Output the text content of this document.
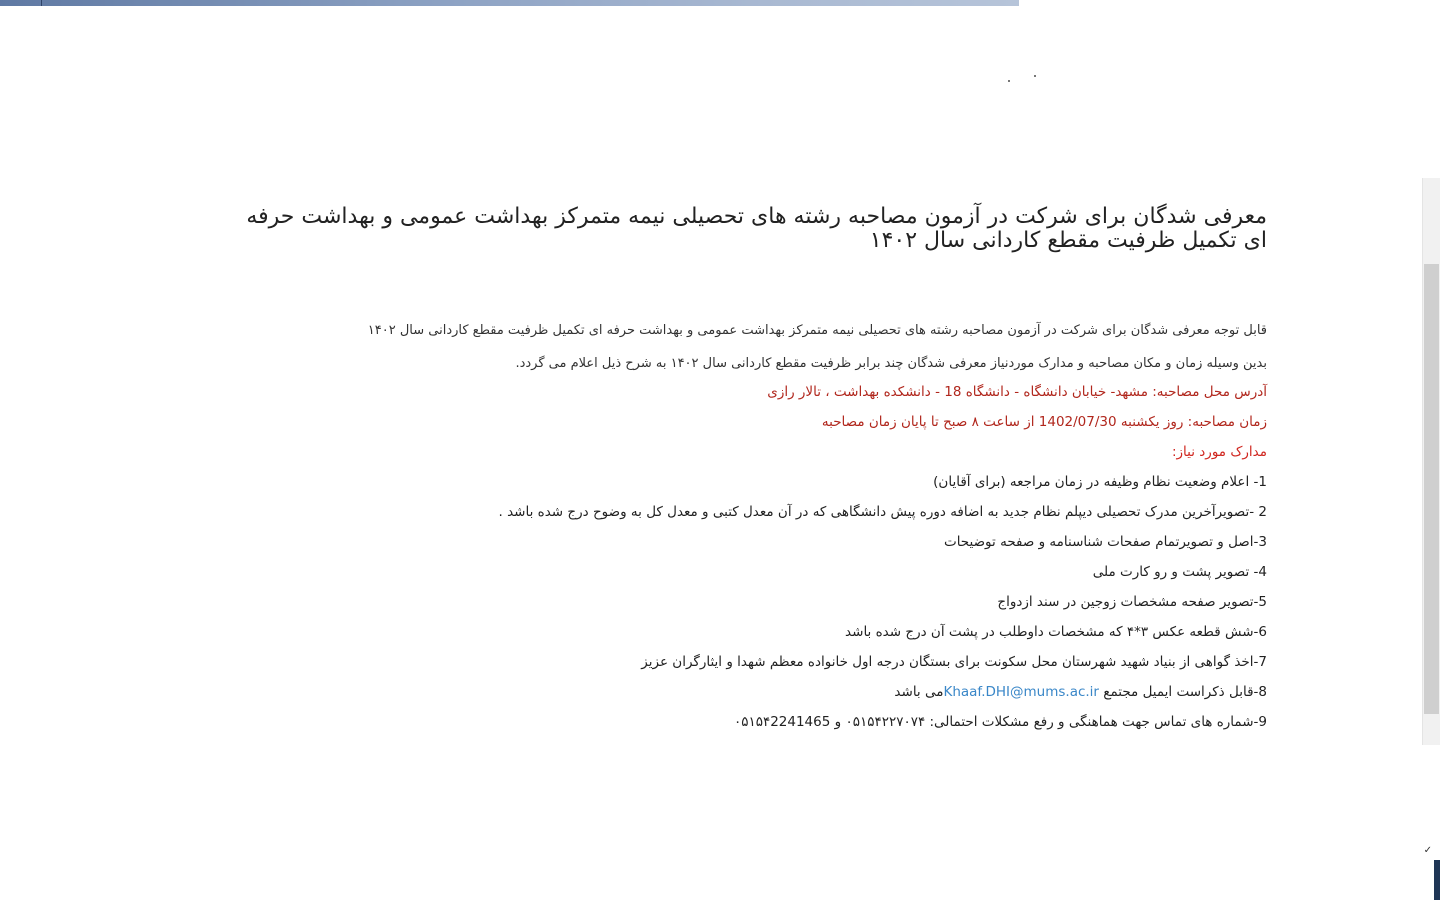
✓
معرفی شدگان برای شرکت در آزمون مصاحبه رشته های تحصیلی نیمه متمرکز بهداشت عمومی و بهداشت حرفه ای تکمیل ظرفیت مقطع کاردانی سال ۱۴۰۲

قابل توجه معرفی شدگان برای شرکت در آزمون مصاحبه رشته های تحصیلی نیمه متمرکز بهداشت عمومی و بهداشت حرفه ای تکمیل ظرفیت مقطع کاردانی سال ۱۴۰۲

بدین وسیله زمان و مکان مصاحبه و مدارک موردنیاز معرفی شدگان چند برابر ظرفیت مقطع کاردانی سال ۱۴۰۲ به شرح ذیل اعلام می گردد.

آدرس محل مصاحبه: مشهد- خیابان دانشگاه - دانشگاه 18 - دانشکده بهداشت ، تالار رازی

زمان مصاحبه: روز یکشنبه 1402/07/30 از ساعت ۸ صبح تا پایان زمان مصاحبه

مدارک مورد نیاز:

1- اعلام وضعیت نظام وظیفه در زمان مراجعه (برای آقایان)

2 -تصویرآخرین مدرک تحصیلی دیپلم نظام جدید به اضافه دوره پیش دانشگاهی که در آن معدل کتبی و معدل کل به وضوح درج شده باشد .

3-اصل و تصویرتمام صفحات شناسنامه و صفحه توضیحات

4- تصویر پشت و رو کارت ملی

5-تصویر صفحه مشخصات زوجین در سند ازدواج

6-شش قطعه عکس ۳*۴ که مشخصات داوطلب در پشت آن درج شده باشد

7-اخذ گواهی از بنیاد شهید شهرستان محل سکونت برای بستگان درجه اول خانواده معظم شهدا و ایثارگران عزیز

8-قابل ذکراست ایمیل مجتمع Khaaf.DHI@mums.ac.irمی باشد

9-شماره های تماس جهت هماهنگی و رفع مشکلات احتمالی: ۰۵۱۵۴۲۲۷۰۷۴ و ۰۵۱۵۴2241465
